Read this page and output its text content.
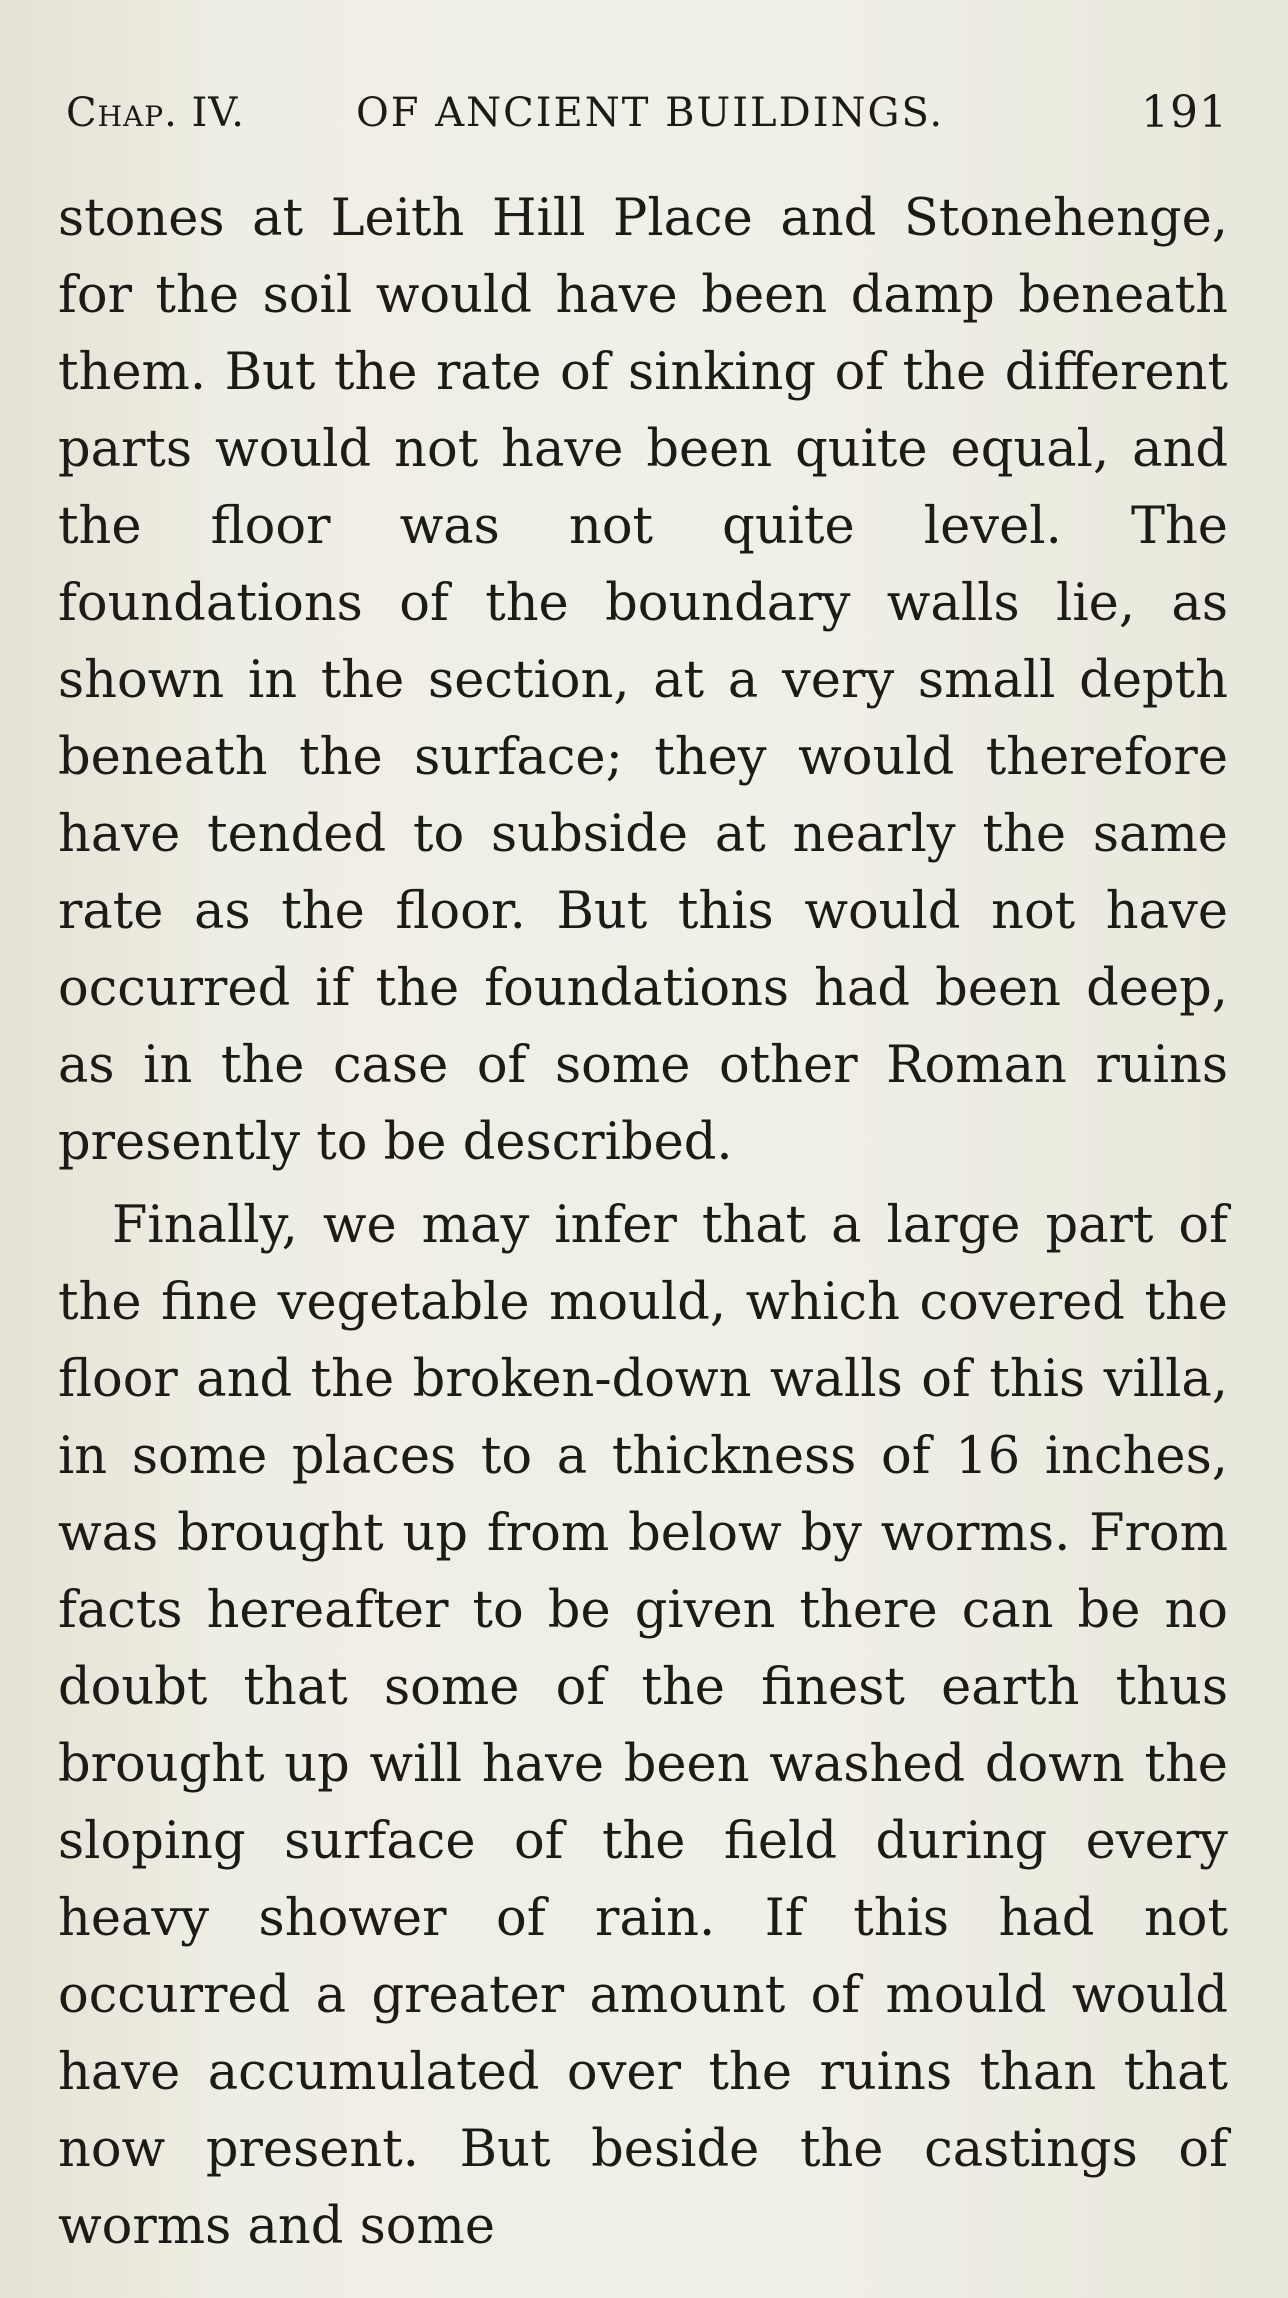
Chap. IV.	OF ANCIENT BUILDINGS.	191

stones at Leith Hill Place and Stonehenge, for the soil would have been damp beneath them. But the rate of sinking of the different parts would not have been quite equal, and the floor was not quite level. The foundations of the boundary walls lie, as shown in the section, at a very small depth beneath the surface; they would therefore have tended to subside at nearly the same rate as the floor. But this would not have occurred if the foundations had been deep, as in the case of some other Roman ruins presently to be described.

Finally, we may infer that a large part of the fine vegetable mould, which covered the floor and the broken-down walls of this villa, in some places to a thickness of 16 inches, was brought up from below by worms. From facts hereafter to be given there can be no doubt that some of the finest earth thus brought up will have been washed down the sloping surface of the field during every heavy shower of rain. If this had not occurred a greater amount of mould would have accumulated over the ruins than that now present. But beside the castings of worms and some
